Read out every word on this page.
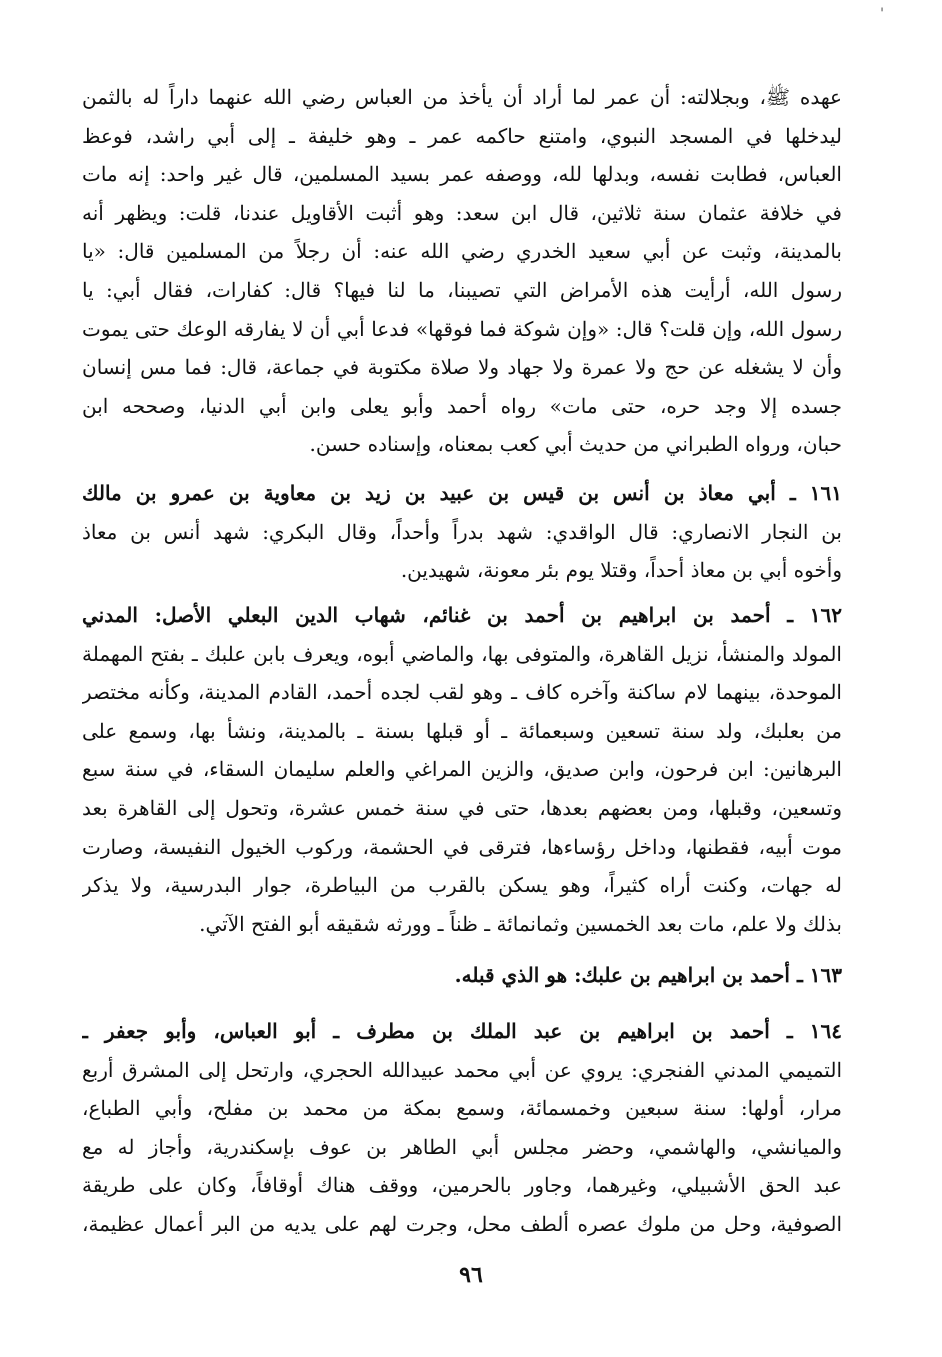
'
عهده ﷺ، وبجلالته: أن عمر لما أراد أن يأخذ من العباس رضي الله عنهما داراً له بالثمن
ليدخلها في المسجد النبوي، وامتنع حاكمه عمر ـ وهو خليفة ـ إلى أبي راشد، فوعظ
العباس، فطابت نفسه، وبدلها لله، ووصفه عمر بسيد المسلمين، قال غير واحد: إنه مات
في خلافة عثمان سنة ثلاثين، قال ابن سعد: وهو أثبت الأقاويل عندنا، قلت: ويظهر أنه
بالمدينة، وثبت عن أبي سعيد الخدري رضي الله عنه: أن رجلاً من المسلمين قال: «يا
رسول الله، أرأيت هذه الأمراض التي تصيبنا، ما لنا فيها؟ قال: كفارات، فقال أبي: يا
رسول الله، وإن قلت؟ قال: «وإن شوكة فما فوقها» فدعا أبي أن لا يفارقه الوعك حتى يموت
وأن لا يشغله عن حج ولا عمرة ولا جهاد ولا صلاة مكتوبة في جماعة، قال: فما مس إنسان
جسده إلا وجد حره، حتى مات» رواه أحمد وأبو يعلى وابن أبي الدنيا، وصححه ابن
حبان، ورواه الطبراني من حديث أبي كعب بمعناه، وإسناده حسن.
١٦١ ـ أبي معاذ بن أنس بن قيس بن عبيد بن زيد بن معاوية بن عمرو بن مالك
بن النجار الانصاري: قال الواقدي: شهد بدراً وأحداً، وقال البكري: شهد أنس بن معاذ
وأخوه أبي بن معاذ أحداً، وقتلا يوم بئر معونة، شهيدين.
١٦٢ ـ أحمد بن ابراهيم بن أحمد بن غنائم، شهاب الدين البعلي الأصل: المدني
المولد والمنشأ، نزيل القاهرة، والمتوفى بها، والماضي أبوه، ويعرف بابن علبك ـ بفتح المهملة
الموحدة، بينهما لام ساكنة وآخره كاف ـ وهو لقب لجده أحمد، القادم المدينة، وكأنه مختصر
من بعلبك، ولد سنة تسعين وسبعمائة ـ أو قبلها بسنة ـ بالمدينة، ونشأ بها، وسمع على
البرهانين: ابن فرحون، وابن صديق، والزين المراغي والعلم سليمان السقاء، في سنة سبع
وتسعين، وقبلها، ومن بعضهم بعدها، حتى في سنة خمس عشرة، وتحول إلى القاهرة بعد
موت أبيه، فقطنها، وداخل رؤساءها، فترقى في الحشمة، وركوب الخيول النفيسة، وصارت
له جهات، وكنت أراه كثيراً، وهو يسكن بالقرب من البياطرة، جوار البدرسية، ولا يذكر
بذلك ولا علم، مات بعد الخمسين وثمانمائة ـ ظناً ـ وورثه شقيقه أبو الفتح الآتي.
١٦٣ ـ أحمد بن ابراهيم بن علبك: هو الذي قبله.
١٦٤ ـ أحمد بن ابراهيم بن عبد الملك بن مطرف ـ أبو العباس، وأبو جعفر ـ
التميمي المدني الفنجري: يروي عن أبي محمد عبيدالله الحجري، وارتحل إلى المشرق أربع
مرار، أولها: سنة سبعين وخمسمائة، وسمع بمكة من محمد بن مفلح، وأبي الطباع،
والميانشي، والهاشمي، وحضر مجلس أبي الطاهر بن عوف بإسكندرية، وأجاز له مع
عبد الحق الأشبيلي، وغيرهما، وجاور بالحرمين، ووقف هناك أوقافاً، وكان على طريقة
الصوفية، وحل من ملوك عصره ألطف محل، وجرت لهم على يديه من البر أعمال عظيمة،
٩٦
